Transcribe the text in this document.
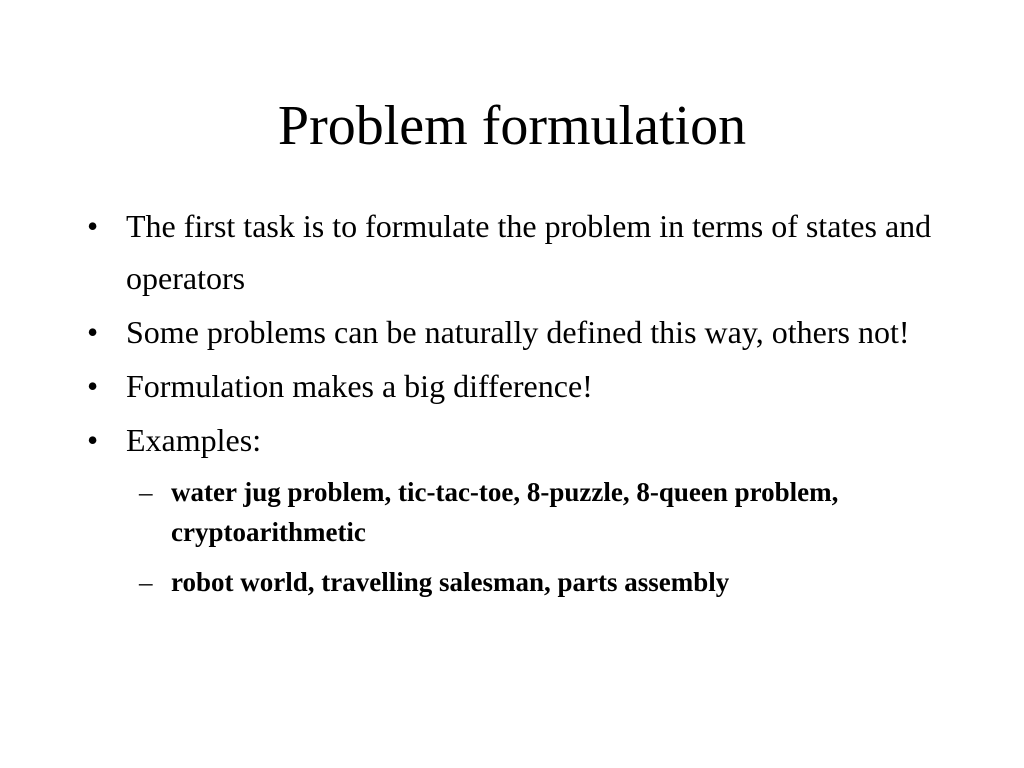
Problem formulation
• The first task is to formulate the problem in terms of states and operators
• Some problems can be naturally defined this way, others not!
• Formulation makes a big difference!
• Examples:
– water jug problem, tic-tac-toe, 8-puzzle, 8-queen problem, cryptoarithmetic
– robot world, travelling salesman, parts assembly
